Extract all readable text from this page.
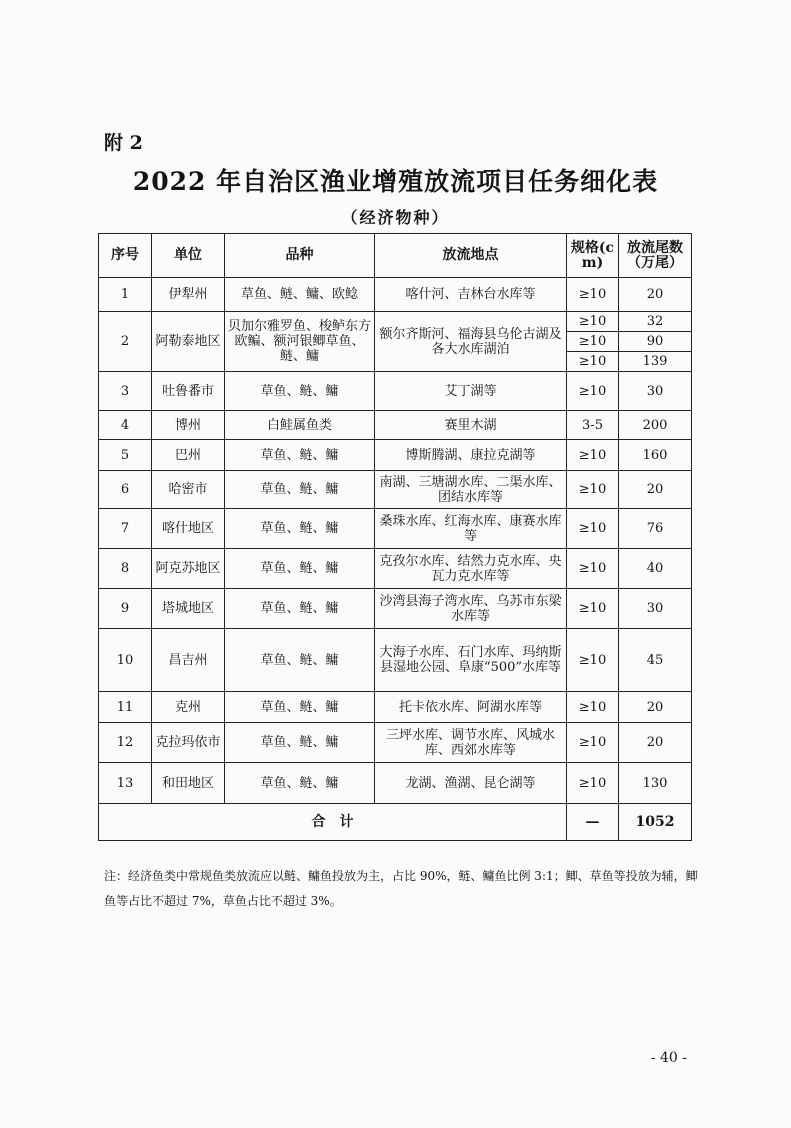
附 2
2022 年自治区渔业增殖放流项目任务细化表
（经济物种）
序号	单位	品种	放流地点	规格(cm)	放流尾数（万尾）
1	伊犁州	草鱼、鲢、鳙、欧鲶	喀什河、吉林台水库等	≥10	20
2	阿勒泰地区	贝加尔雅罗鱼、梭鲈东方欧鳊、额河银鲫草鱼、鲢、鳙	额尔齐斯河、福海县乌伦古湖及各大水库湖泊	≥10	32
				≥10	90
				≥10	139
3	吐鲁番市	草鱼、鲢、鳙	艾丁湖等	≥10	30
4	博州	白鲑属鱼类	赛里木湖	3-5	200
5	巴州	草鱼、鲢、鳙	博斯腾湖、康拉克湖等	≥10	160
6	哈密市	草鱼、鲢、鳙	南湖、三塘湖水库、二渠水库、团结水库等	≥10	20
7	喀什地区	草鱼、鲢、鳙	桑珠水库、红海水库、康赛水库等	≥10	76
8	阿克苏地区	草鱼、鲢、鳙	克孜尔水库、结然力克水库、央瓦力克水库等	≥10	40
9	塔城地区	草鱼、鲢、鳙	沙湾县海子湾水库、乌苏市东梁水库等	≥10	30
10	昌吉州	草鱼、鲢、鳙	大海子水库、石门水库、玛纳斯县湿地公园、阜康“500”水库等	≥10	45
11	克州	草鱼、鲢、鳙	托卡依水库、阿湖水库等	≥10	20
12	克拉玛依市	草鱼、鲢、鳙	三坪水库、调节水库、风城水库、西郊水库等	≥10	20
13	和田地区	草鱼、鲢、鳙	龙湖、渔湖、昆仑湖等	≥10	130
合　计				—	1052
注：经济鱼类中常规鱼类放流应以鲢、鳙鱼投放为主，占比 90%，鲢、鳙鱼比例 3:1；鲫、草鱼等投放为辅，鲫鱼等占比不超过 7%，草鱼占比不超过 3%。
- 40 -
